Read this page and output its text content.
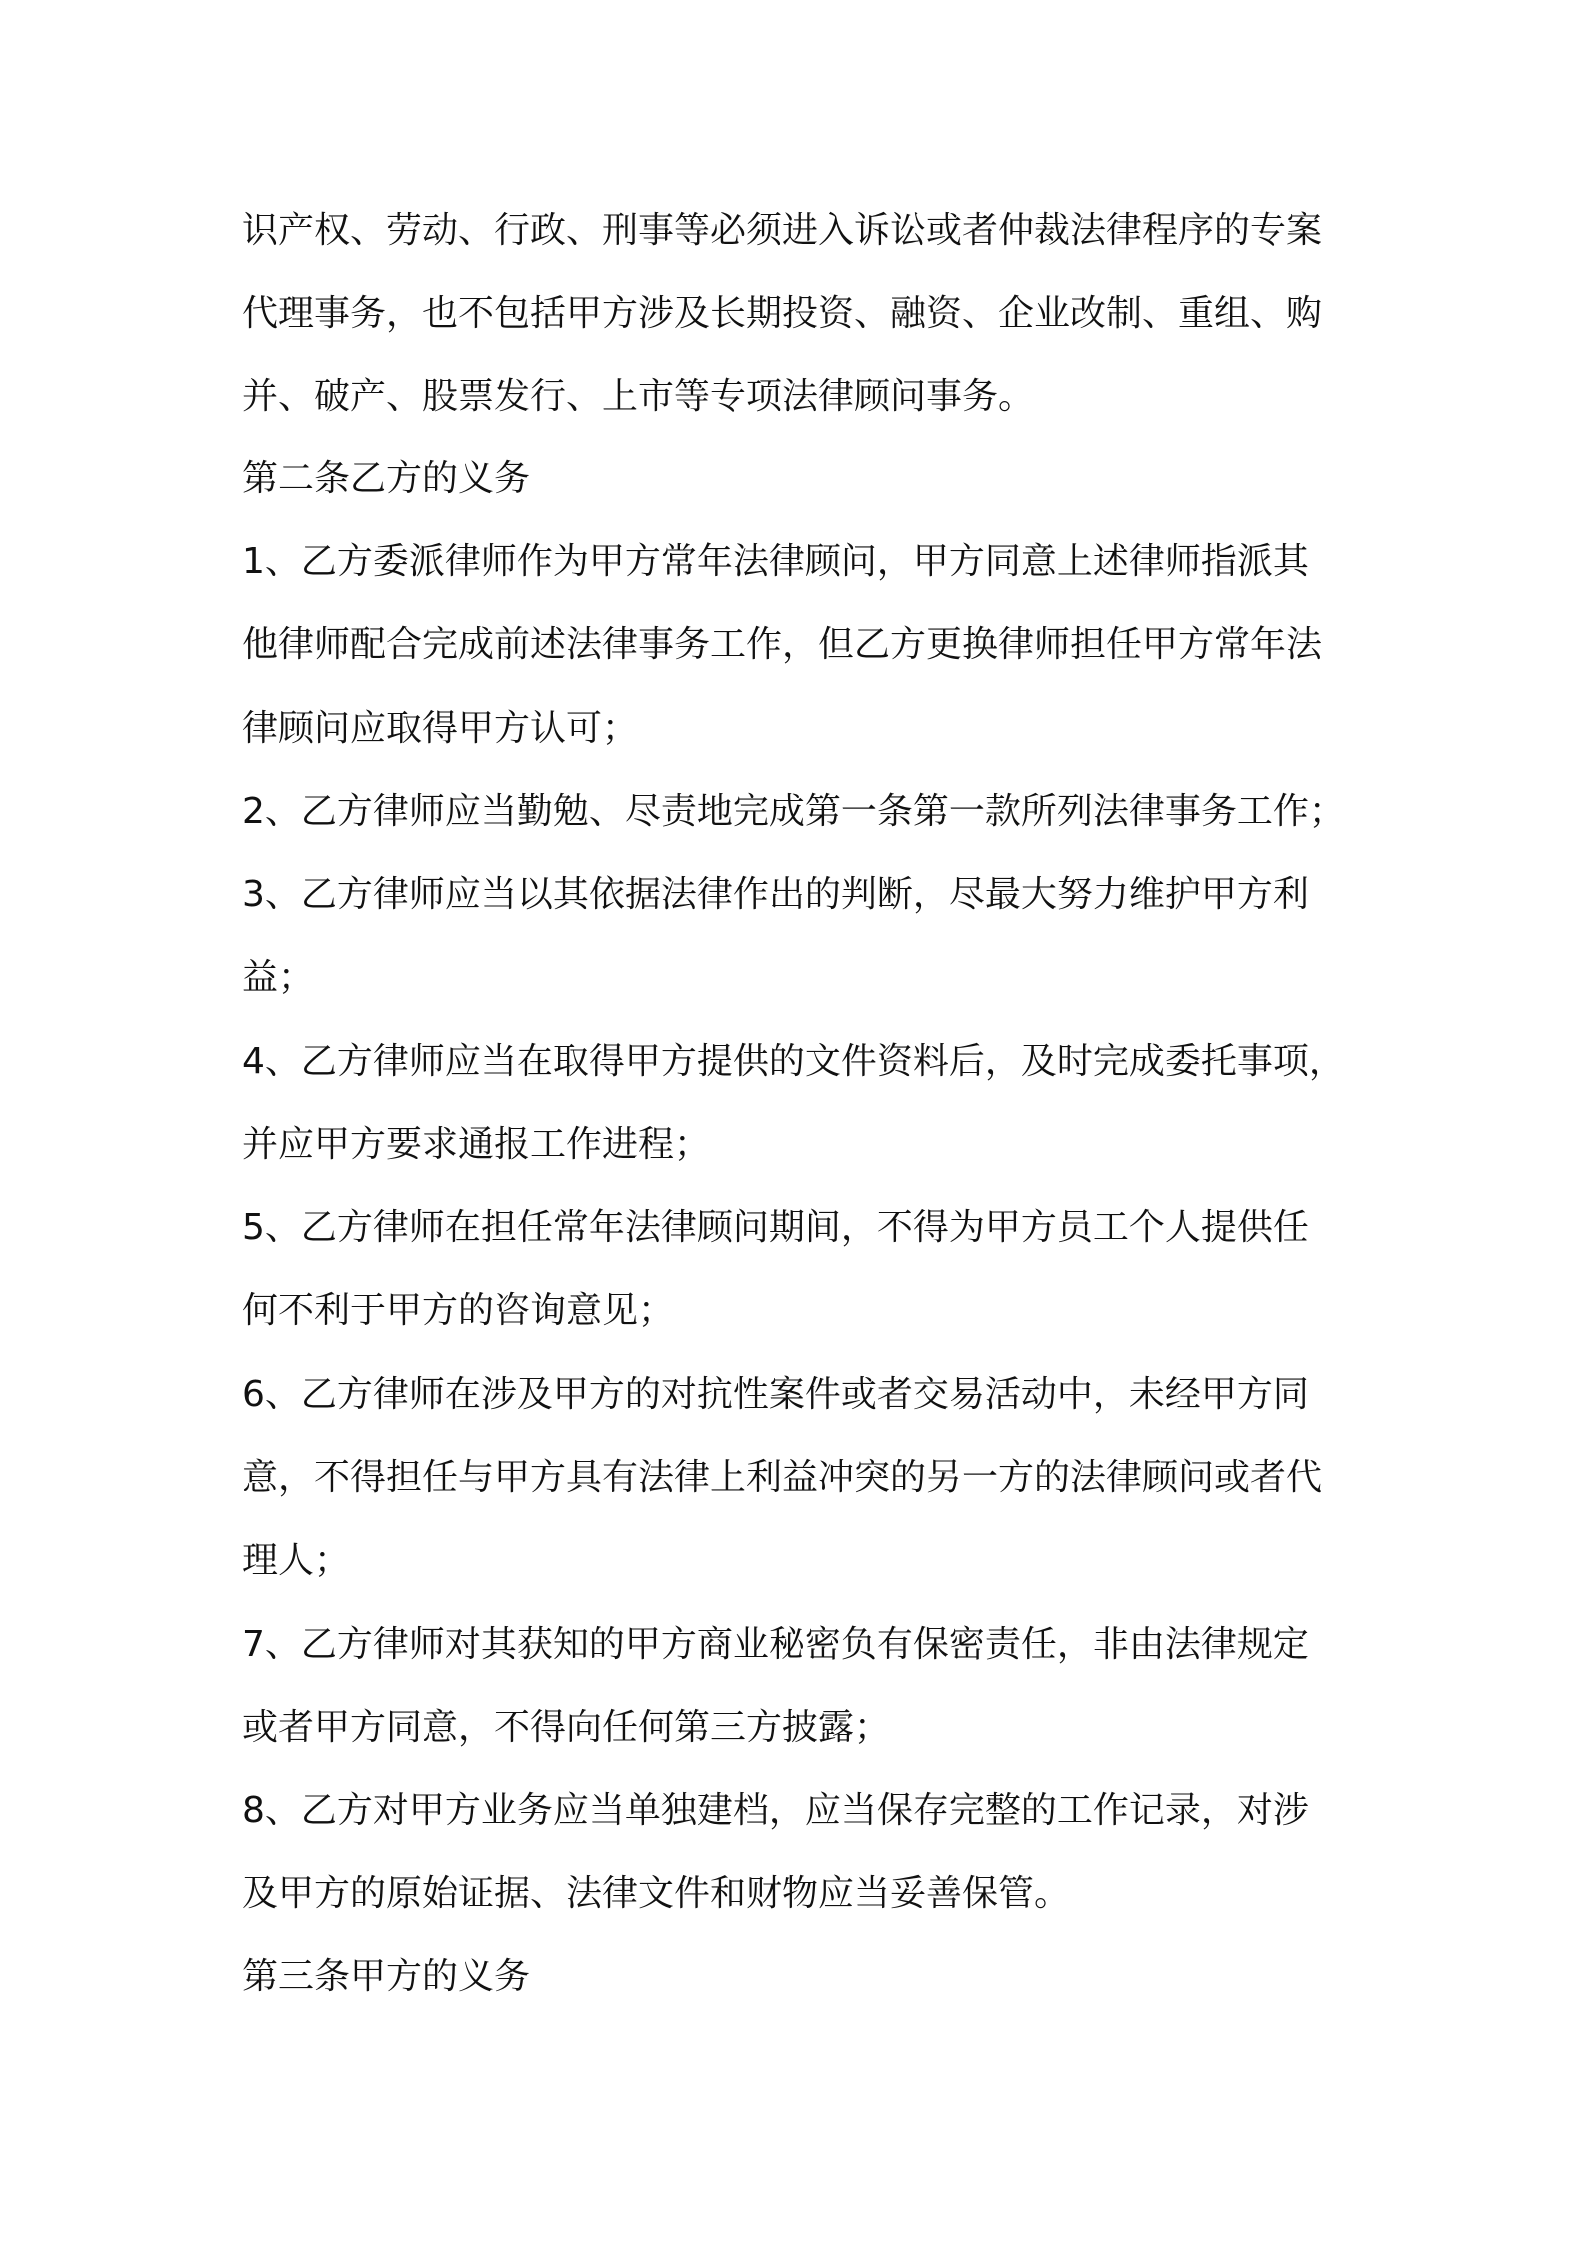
识产权、劳动、行政、刑事等必须进入诉讼或者仲裁法律程序的专案

代理事务，也不包括甲方涉及长期投资、融资、企业改制、重组、购

并、破产、股票发行、上市等专项法律顾问事务。

第二条乙方的义务

1、乙方委派律师作为甲方常年法律顾问，甲方同意上述律师指派其

他律师配合完成前述法律事务工作，但乙方更换律师担任甲方常年法

律顾问应取得甲方认可；

2、乙方律师应当勤勉、尽责地完成第一条第一款所列法律事务工作；

3、乙方律师应当以其依据法律作出的判断，尽最大努力维护甲方利

益；

4、乙方律师应当在取得甲方提供的文件资料后，及时完成委托事项，

并应甲方要求通报工作进程；

5、乙方律师在担任常年法律顾问期间，不得为甲方员工个人提供任

何不利于甲方的咨询意见；

6、乙方律师在涉及甲方的对抗性案件或者交易活动中，未经甲方同

意，不得担任与甲方具有法律上利益冲突的另一方的法律顾问或者代

理人；

7、乙方律师对其获知的甲方商业秘密负有保密责任，非由法律规定

或者甲方同意，不得向任何第三方披露；

8、乙方对甲方业务应当单独建档，应当保存完整的工作记录，对涉

及甲方的原始证据、法律文件和财物应当妥善保管。

第三条甲方的义务
